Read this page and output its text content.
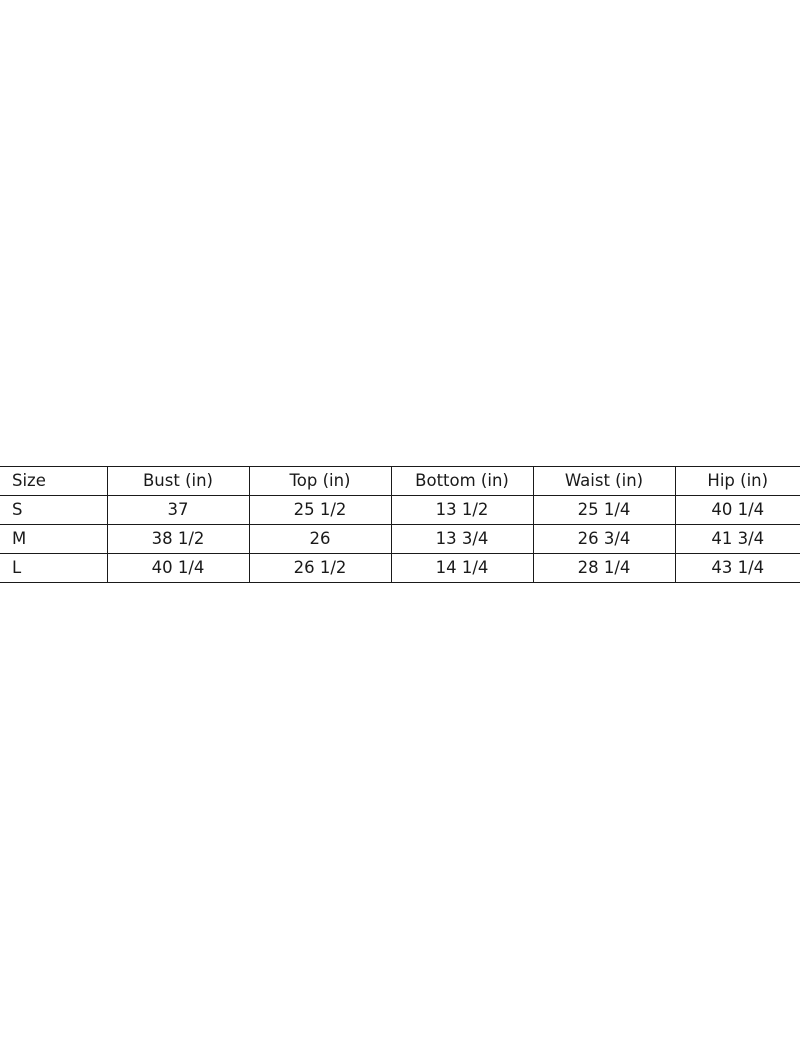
Size	Bust (in)	Top (in)	Bottom (in)	Waist (in)	Hip (in)
S	37	25 1/2	13 1/2	25 1/4	40 1/4
M	38 1/2	26	13 3/4	26 3/4	41 3/4
L	40 1/4	26 1/2	14 1/4	28 1/4	43 1/4
